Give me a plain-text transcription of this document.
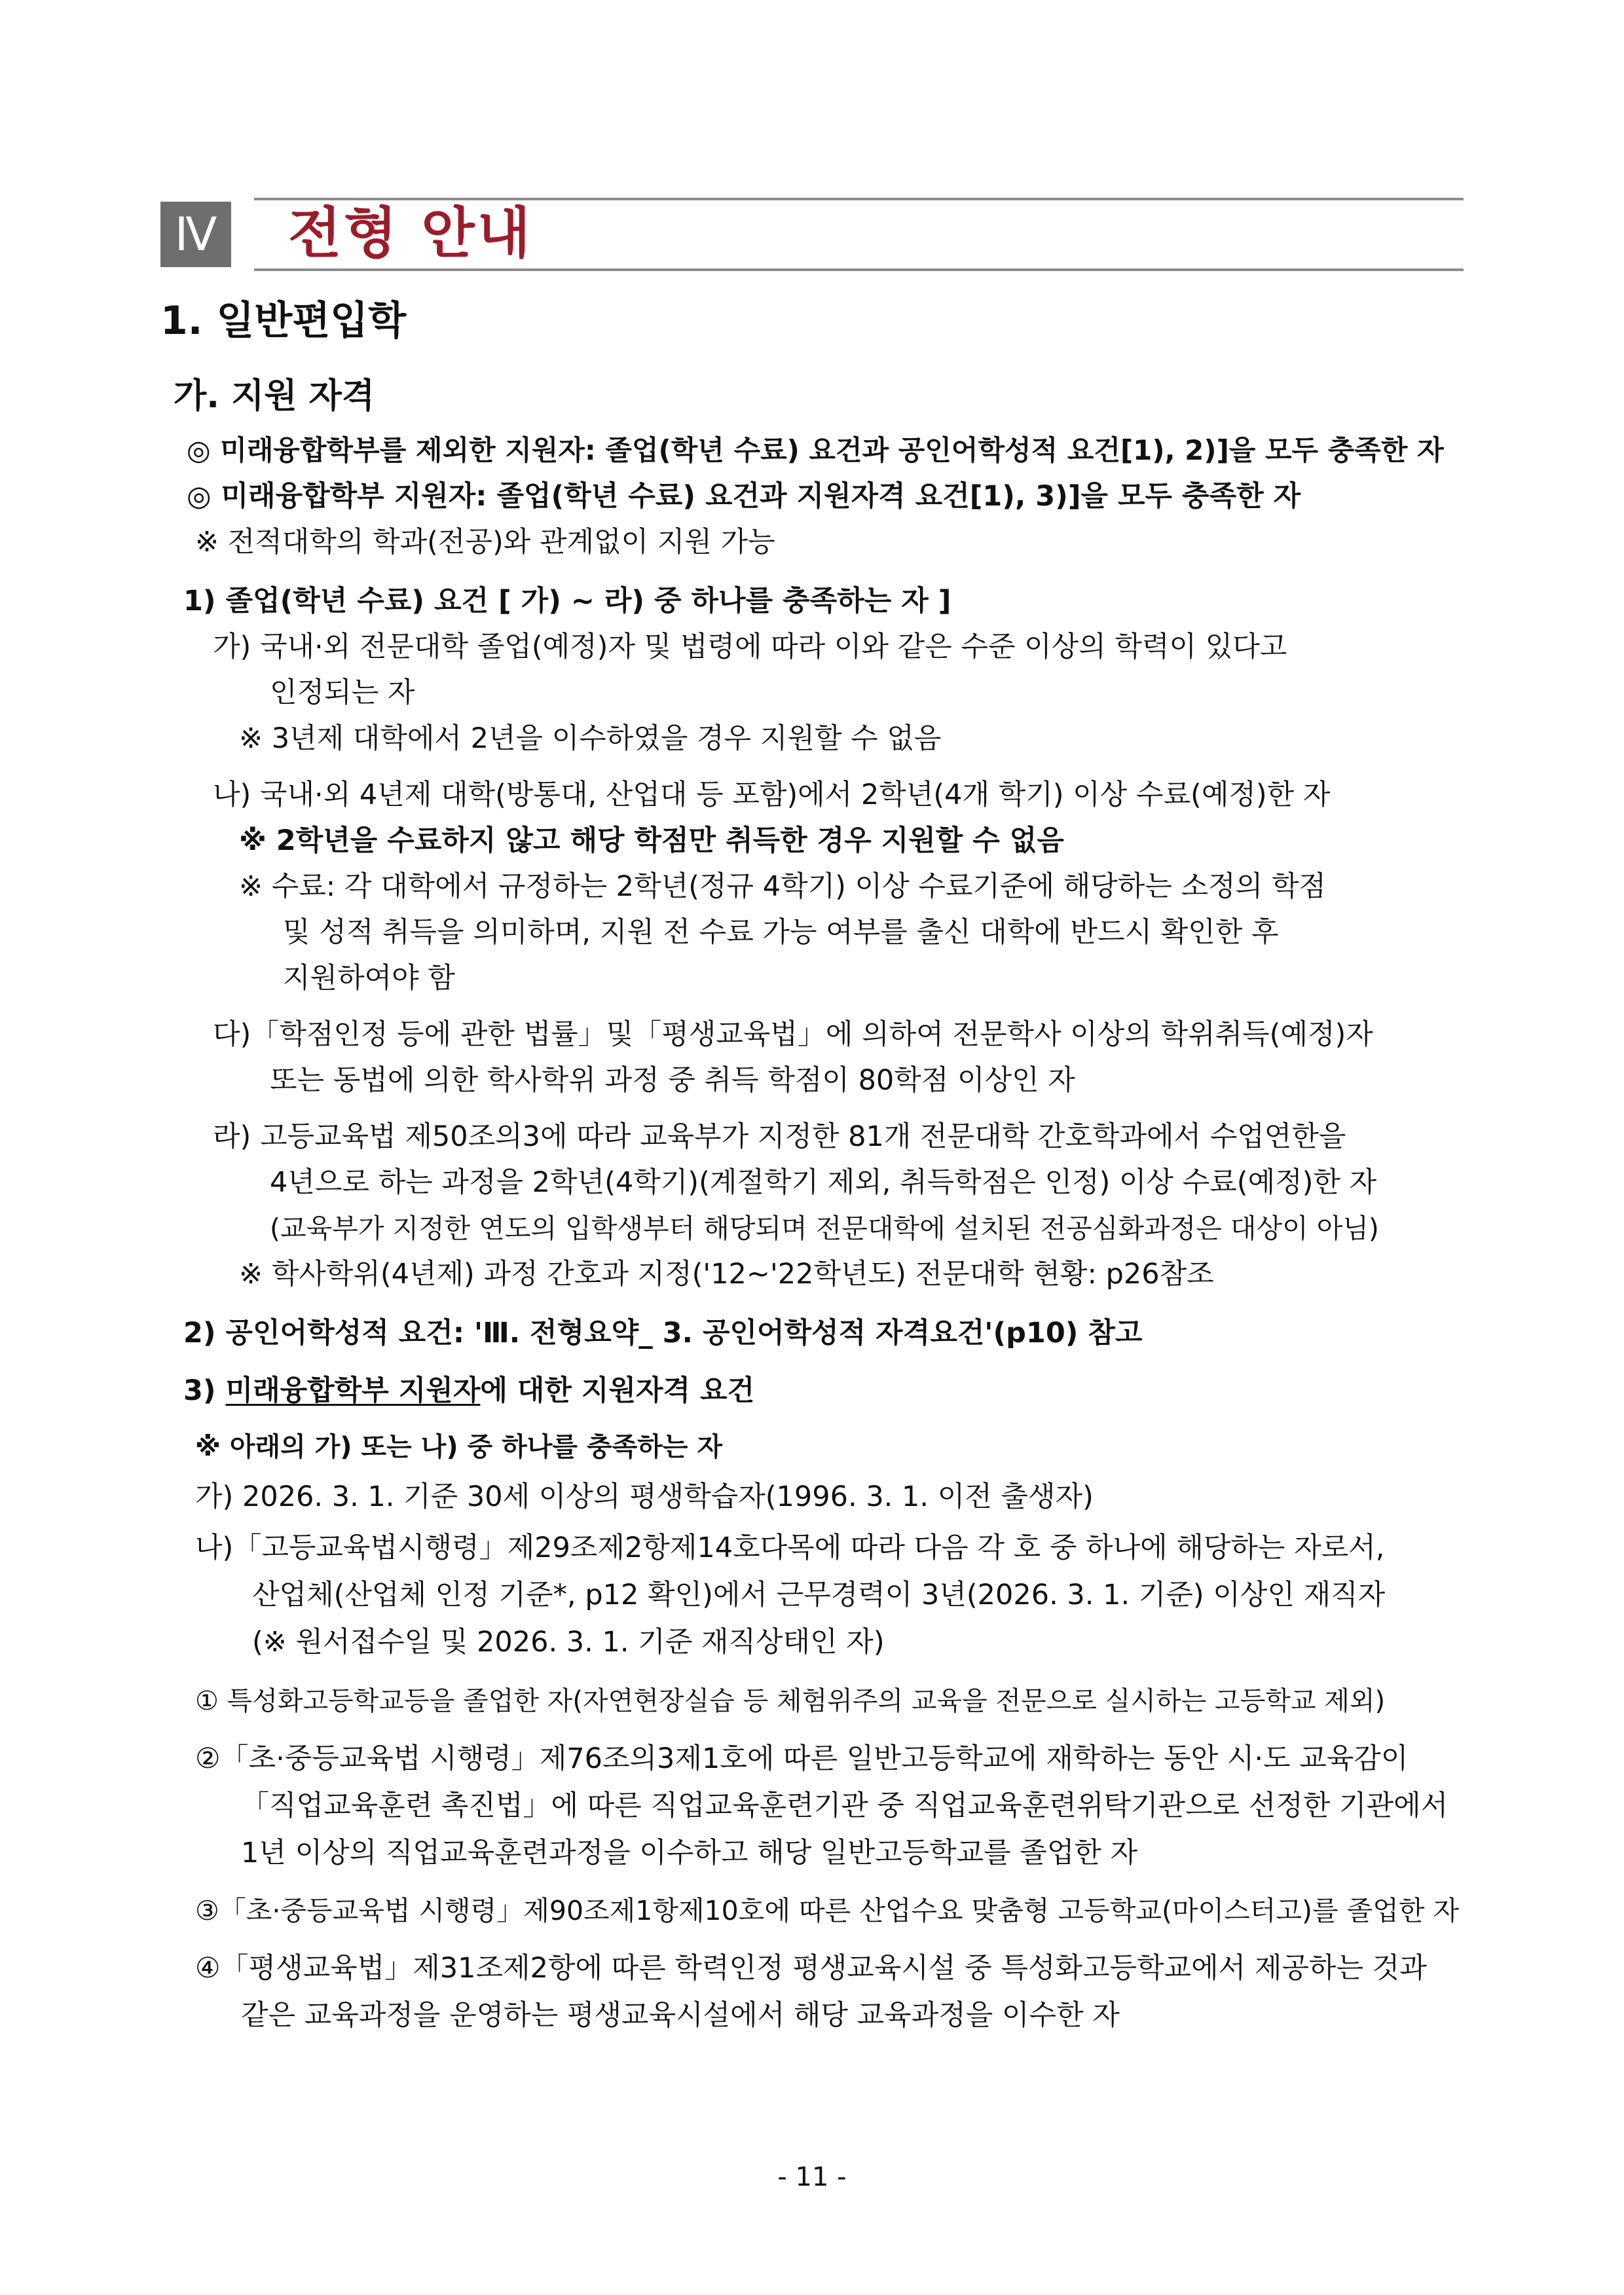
Ⅳ 전형 안내
1. 일반편입학
가. 지원 자격
◎ 미래융합학부를 제외한 지원자: 졸업(학년 수료) 요건과 공인어학성적 요건[1), 2)]을 모두 충족한 자
◎ 미래융합학부 지원자: 졸업(학년 수료) 요건과 지원자격 요건[1), 3)]을 모두 충족한 자
※ 전적대학의 학과(전공)와 관계없이 지원 가능
1) 졸업(학년 수료) 요건 [ 가) ~ 라) 중 하나를 충족하는 자 ]
가) 국내·외 전문대학 졸업(예정)자 및 법령에 따라 이와 같은 수준 이상의 학력이 있다고
인정되는 자
※ 3년제 대학에서 2년을 이수하였을 경우 지원할 수 없음
나) 국내·외 4년제 대학(방통대, 산업대 등 포함)에서 2학년(4개 학기) 이상 수료(예정)한 자
※ 2학년을 수료하지 않고 해당 학점만 취득한 경우 지원할 수 없음
※ 수료: 각 대학에서 규정하는 2학년(정규 4학기) 이상 수료기준에 해당하는 소정의 학점
및 성적 취득을 의미하며, 지원 전 수료 가능 여부를 출신 대학에 반드시 확인한 후
지원하여야 함
다)「학점인정 등에 관한 법률」및「평생교육법」에 의하여 전문학사 이상의 학위취득(예정)자
또는 동법에 의한 학사학위 과정 중 취득 학점이 80학점 이상인 자
라) 고등교육법 제50조의3에 따라 교육부가 지정한 81개 전문대학 간호학과에서 수업연한을
4년으로 하는 과정을 2학년(4학기)(계절학기 제외, 취득학점은 인정) 이상 수료(예정)한 자
(교육부가 지정한 연도의 입학생부터 해당되며 전문대학에 설치된 전공심화과정은 대상이 아님)
※ 학사학위(4년제) 과정 간호과 지정('12~'22학년도) 전문대학 현황: p26참조
2) 공인어학성적 요건: 'Ⅲ. 전형요약_ 3. 공인어학성적 자격요건'(p10) 참고
3) 미래융합학부 지원자에 대한 지원자격 요건
※ 아래의 가) 또는 나) 중 하나를 충족하는 자
가) 2026. 3. 1. 기준 30세 이상의 평생학습자(1996. 3. 1. 이전 출생자)
나)「고등교육법시행령」제29조제2항제14호다목에 따라 다음 각 호 중 하나에 해당하는 자로서,
산업체(산업체 인정 기준*, p12 확인)에서 근무경력이 3년(2026. 3. 1. 기준) 이상인 재직자
(※ 원서접수일 및 2026. 3. 1. 기준 재직상태인 자)
① 특성화고등학교등을 졸업한 자(자연현장실습 등 체험위주의 교육을 전문으로 실시하는 고등학교 제외)
②「초·중등교육법 시행령」제76조의3제1호에 따른 일반고등학교에 재학하는 동안 시·도 교육감이
「직업교육훈련 촉진법」에 따른 직업교육훈련기관 중 직업교육훈련위탁기관으로 선정한 기관에서
1년 이상의 직업교육훈련과정을 이수하고 해당 일반고등학교를 졸업한 자
③「초·중등교육법 시행령」제90조제1항제10호에 따른 산업수요 맞춤형 고등학교(마이스터고)를 졸업한 자
④「평생교육법」제31조제2항에 따른 학력인정 평생교육시설 중 특성화고등학교에서 제공하는 것과
같은 교육과정을 운영하는 평생교육시설에서 해당 교육과정을 이수한 자
- 11 -
